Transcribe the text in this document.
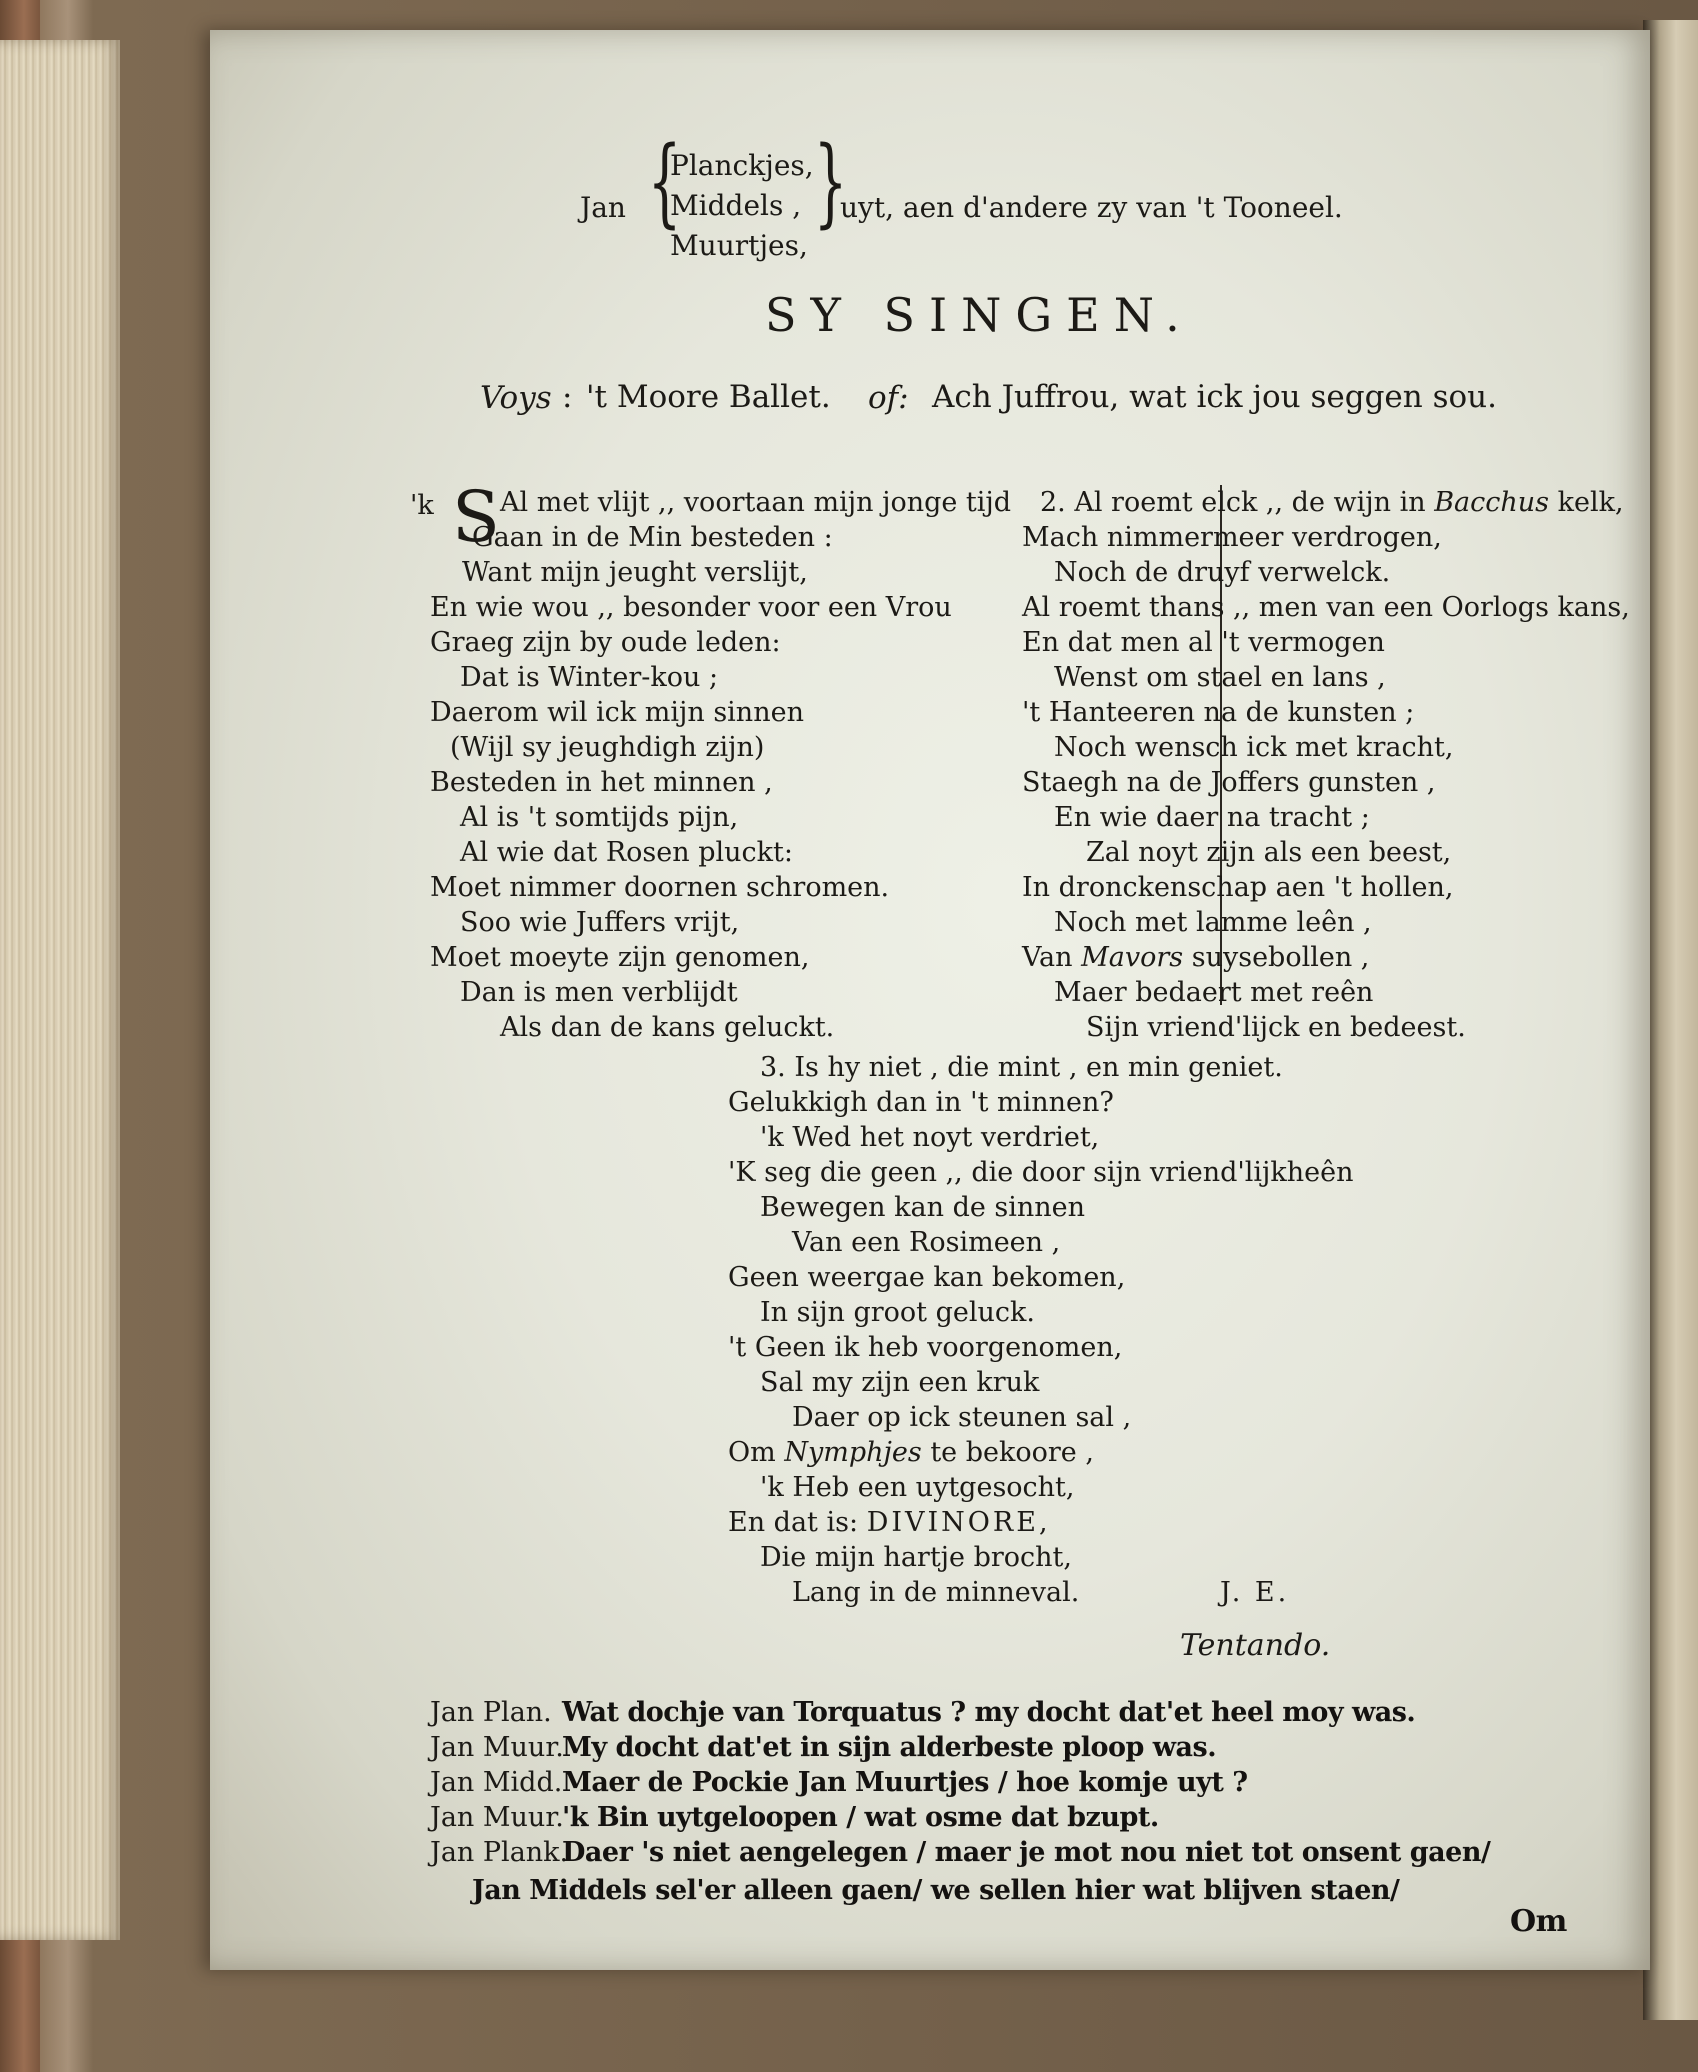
Jan {

Planckjes,

Middels ,

Muurtjes,

}

uyt, aen d'andere zy van 't Tooneel.

SY SINGEN.

Voys : 't Moore Ballet. of: Ach Juffrou, wat ick jou seggen sou.

'k S Al met vlijt ,, voortaan mijn jonge tijd

Gaan in de Min besteden :

Want mijn jeught verslijt,

En wie wou ,, besonder voor een Vrou

Graeg zijn by oude leden:

Dat is Winter-kou ;

Daerom wil ick mijn sinnen

(Wijl sy jeughdigh zijn)

Besteden in het minnen ,

Al is 't somtijds pijn,

Al wie dat Rosen pluckt:

Moet nimmer doornen schromen.

Soo wie Juffers vrijt,

Moet moeyte zijn genomen,

Dan is men verblijdt

Als dan de kans geluckt.

2. Al roemt elck ,, de wijn in Bacchus kelk,

Mach nimmermeer verdrogen,

Noch de druyf verwelck.

Al roemt thans ,, men van een Oorlogs kans,

En dat men al 't vermogen

Wenst om stael en lans ,

't Hanteeren na de kunsten ;

Noch wensch ick met kracht,

Staegh na de Joffers gunsten ,

En wie daer na tracht ;

Zal noyt zijn als een beest,

In dronckenschap aen 't hollen,

Noch met lamme leên ,

Van Mavors suysebollen ,

Maer bedaert met reên

Sijn vriend'lijck en bedeest.

3. Is hy niet , die mint , en min geniet.

Gelukkigh dan in 't minnen?

'k Wed het noyt verdriet,

'K seg die geen ,, die door sijn vriend'lijkheên

Bewegen kan de sinnen

Van een Rosimeen ,

Geen weergae kan bekomen,

In sijn groot geluck.

't Geen ik heb voorgenomen,

Sal my zijn een kruk

Daer op ick steunen sal ,

Om Nymphjes te bekoore ,

'k Heb een uytgesocht,

En dat is: DIVINORE,

Die mijn hartje brocht,

Lang in de minneval.	J. E.

Tentando.

Jan Plan. Wat dochje van Torquatus ? my docht dat'et heel moy was.

Jan Muur.

My docht dat'et in sijn alderbeste ploop was.

Jan Midd. Maer de Pockie Jan Muurtjes / hoe komje uyt ?

Jan Muur.

'k Bin uytgeloopen / wat osme dat bzupt.

Jan Plank.

Daer 's niet aengelegen / maer je mot nou niet tot onsent gaen/

Jan Middels sel'er alleen gaen/ we sellen hier wat blijven staen/

Om
